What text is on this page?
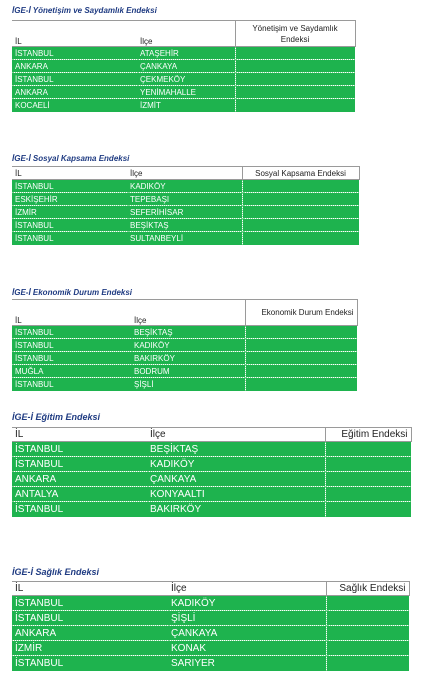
İGE-İ Yönetişim ve Saydamlık Endeksi
İL	İlçe	Yönetişim ve Saydamlık Endeksi
İSTANBUL	ATAŞEHİR	
ANKARA	ÇANKAYA	
İSTANBUL	ÇEKMEKÖY	
ANKARA	YENİMAHALLE	
KOCAELİ	İZMİT	
İGE-İ Sosyal Kapsama Endeksi
İL	İlçe	Sosyal Kapsama Endeksi
İSTANBUL	KADIKÖY	
ESKİŞEHİR	TEPEBAŞI	
İZMİR	SEFERİHİSAR	
İSTANBUL	BEŞİKTAŞ	
İSTANBUL	SULTANBEYLİ	
İGE-İ Ekonomik Durum Endeksi
İL	İlçe	Ekonomik Durum Endeksi
İSTANBUL	BEŞİKTAŞ	
İSTANBUL	KADIKÖY	
İSTANBUL	BAKIRKÖY	
MUĞLA	BODRUM	
İSTANBUL	ŞİŞLİ	
İGE-İ Eğitim Endeksi
İL	İlçe	Eğitim Endeksi
İSTANBUL	BEŞİKTAŞ	
İSTANBUL	KADIKÖY	
ANKARA	ÇANKAYA	
ANTALYA	KONYAALTI	
İSTANBUL	BAKIRKÖY	
İGE-İ Sağlık Endeksi
İL	İlçe	Sağlık Endeksi
İSTANBUL	KADIKÖY	
İSTANBUL	ŞİŞLİ	
ANKARA	ÇANKAYA	
İZMİR	KONAK	
İSTANBUL	SARIYER	
